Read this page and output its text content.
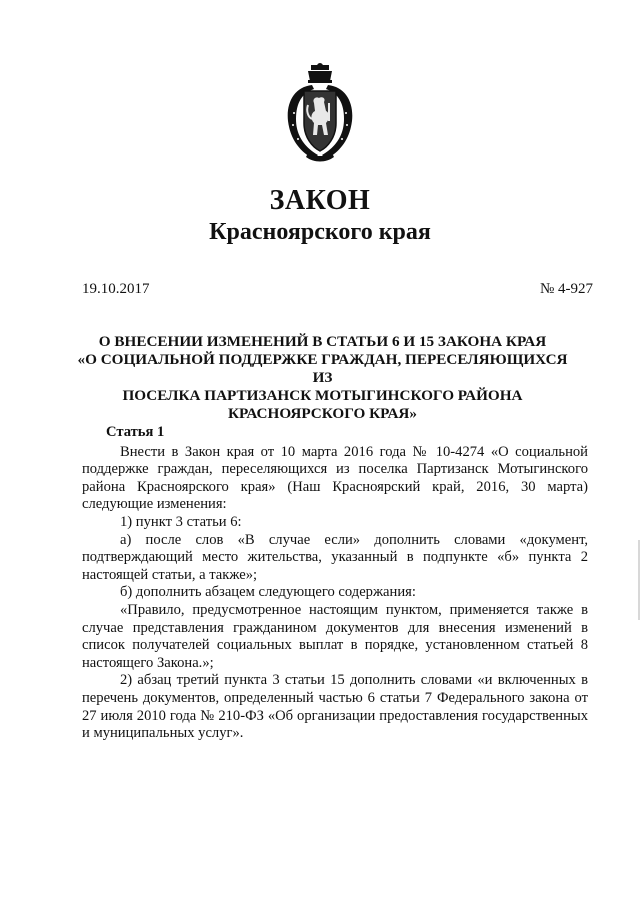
ЗАКОН
Красноярского края
19.10.2017	№ 4-927
О ВНЕСЕНИИ ИЗМЕНЕНИЙ В СТАТЬИ 6 И 15 ЗАКОНА КРАЯ
«О СОЦИАЛЬНОЙ ПОДДЕРЖКЕ ГРАЖДАН, ПЕРЕСЕЛЯЮЩИХСЯ ИЗ
ПОСЕЛКА ПАРТИЗАНСК МОТЫГИНСКОГО РАЙОНА
КРАСНОЯРСКОГО КРАЯ»

Статья 1

Внести в Закон края от 10 марта 2016 года № 10-4274 «О социальной поддержке граждан, переселяющихся из поселка Партизанск Мотыгинского района Красноярского края» (Наш Красноярский край, 2016, 30 марта) следующие изменения:

1) пункт 3 статьи 6:

а) после слов «В случае если» дополнить словами «документ, подтверждающий место жительства, указанный в подпункте «б» пункта 2 настоящей статьи, а также»;

б) дополнить абзацем следующего содержания:

«Правило, предусмотренное настоящим пунктом, применяется также в случае представления гражданином документов для внесения изменений в список получателей социальных выплат в порядке, установленном статьей 8 настоящего Закона.»;

2) абзац третий пункта 3 статьи 15 дополнить словами «и включенных в перечень документов, определенный частью 6 статьи 7 Федерального закона от 27 июля 2010 года № 210-ФЗ «Об организации предоставления государственных и муниципальных услуг».
